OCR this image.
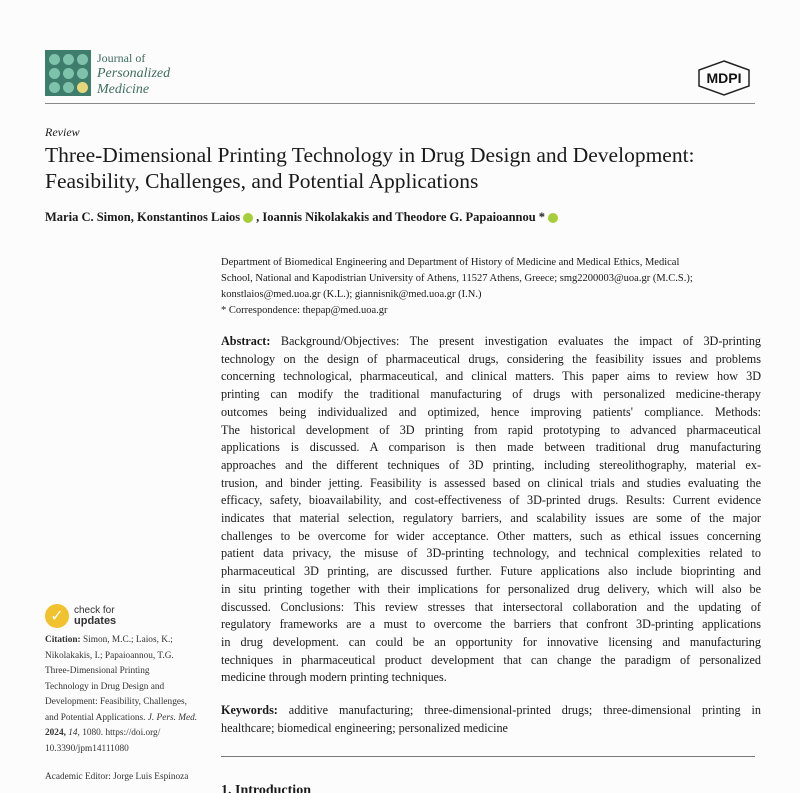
Journal of
Personalized
Medicine
MDPI
Review
Three-Dimensional Printing Technology in Drug Design and Development: Feasibility, Challenges, and Potential Applications
Maria C. Simon, Konstantinos Laios , Ioannis Nikolakakis and Theodore G. Papaioannou *
Department of Biomedical Engineering and Department of History of Medicine and Medical Ethics, Medical
School, National and Kapodistrian University of Athens, 11527 Athens, Greece; smg2200003@uoa.gr (M.C.S.);
konstlaios@med.uoa.gr (K.L.); giannisnik@med.uoa.gr (I.N.)
* Correspondence: thepap@med.uoa.gr
Abstract: Background/Objectives: The present investigation evaluates the impact of 3D-printing
technology on the design of pharmaceutical drugs, considering the feasibility issues and problems
concerning technological, pharmaceutical, and clinical matters. This paper aims to review how 3D
printing can modify the traditional manufacturing of drugs with personalized medicine-therapy
outcomes being individualized and optimized, hence improving patients' compliance. Methods:
The historical development of 3D printing from rapid prototyping to advanced pharmaceutical
applications is discussed. A comparison is then made between traditional drug manufacturing
approaches and the different techniques of 3D printing, including stereolithography, material ex-
trusion, and binder jetting. Feasibility is assessed based on clinical trials and studies evaluating the
efficacy, safety, bioavailability, and cost-effectiveness of 3D-printed drugs. Results: Current evidence
indicates that material selection, regulatory barriers, and scalability issues are some of the major
challenges to be overcome for wider acceptance. Other matters, such as ethical issues concerning
patient data privacy, the misuse of 3D-printing technology, and technical complexities related to
pharmaceutical 3D printing, are discussed further. Future applications also include bioprinting and
in situ printing together with their implications for personalized drug delivery, which will also be
discussed. Conclusions: This review stresses that intersectoral collaboration and the updating of
regulatory frameworks are a must to overcome the barriers that confront 3D-printing applications
in drug development. can could be an opportunity for innovative licensing and manufacturing
techniques in pharmaceutical product development that can change the paradigm of personalized
medicine through modern printing techniques.
Keywords: additive manufacturing; three-dimensional-printed drugs; three-dimensional printing in
healthcare; biomedical engineering; personalized medicine
1. Introduction
✓	check for
updates
Citation: Simon, M.C.; Laios, K.;
Nikolakakis, I.; Papaioannou, T.G.
Three-Dimensional Printing
Technology in Drug Design and
Development: Feasibility, Challenges,
and Potential Applications. J. Pers. Med.
2024, 14, 1080. https://doi.org/
10.3390/jpm14111080
Academic Editor: Jorge Luis Espinoza
